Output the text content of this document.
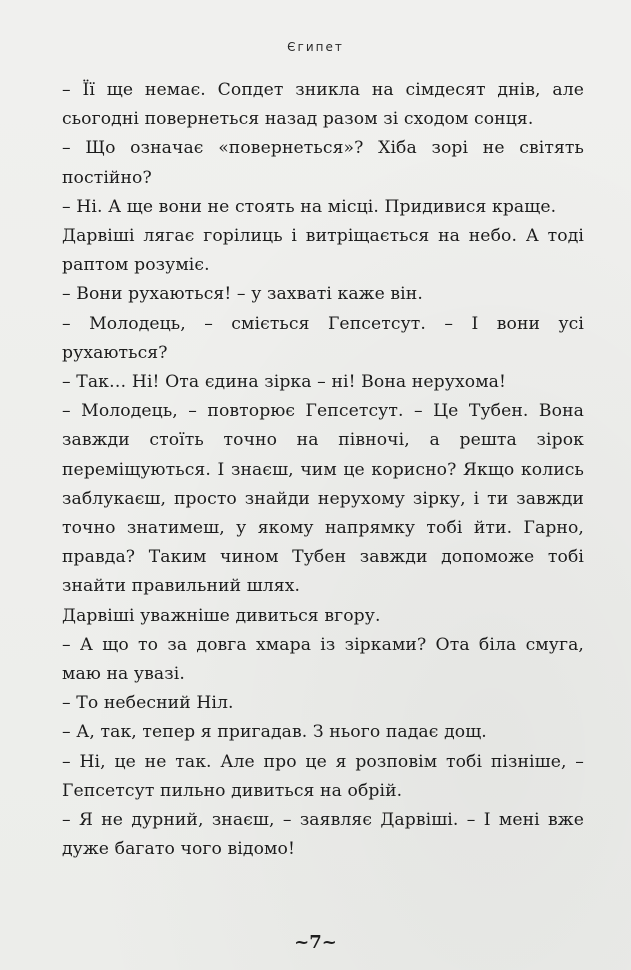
Єгипет

– Її ще немає. Сопдет зникла на сімдесят днів, але сьогодні повернеться назад разом зі сходом сонця.

– Що означає «повернеться»? Хіба зорі не світять постійно?

– Ні. А ще вони не стоять на місці. Придивися краще.

Дарвіші лягає горілиць і витріщається на небо. А тоді раптом розуміє.

– Вони рухаються! – у захваті каже він.

– Молодець, – сміється Гепсетсут. – І вони усі рухаються?

– Так… Ні! Ота єдина зірка – ні! Вона нерухома!

– Молодець, – повторює Гепсетсут. – Це Тубен. Вона завжди стоїть точно на півночі, а решта зірок переміщуються. І знаєш, чим це корисно? Якщо колись заблукаєш, просто знайди нерухому зірку, і ти завжди точно знатимеш, у якому напрямку тобі йти. Гарно, правда? Таким чином Тубен завжди допоможе тобі знайти правильний шлях.

Дарвіші уважніше дивиться вгору.

– А що то за довга хмара із зірками? Ота біла смуга, маю на увазі.

– То небесний Ніл.

– А, так, тепер я пригадав. З нього падає дощ.

– Ні, це не так. Але про це я розповім тобі пізніше, – Гепсетсут пильно дивиться на обрій.

– Я не дурний, знаєш, – заявляє Дарвіші. – І мені вже дуже багато чого відомо!

~7~
